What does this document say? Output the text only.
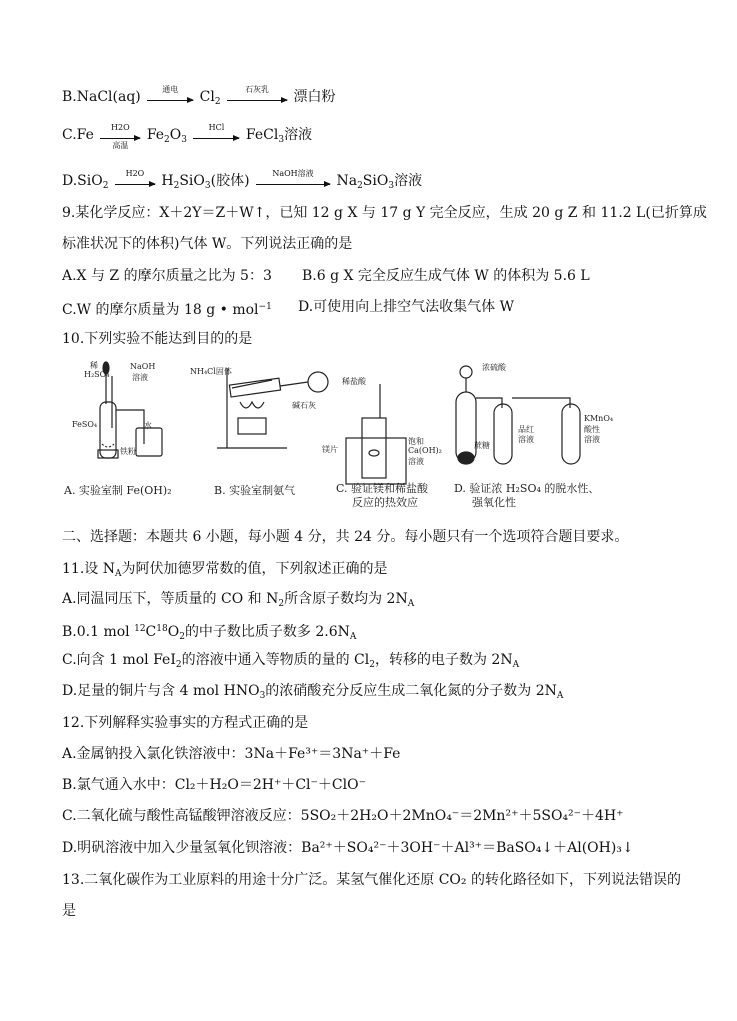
B.NaCl(aq)	通电	$Cl_2$
石灰乳	漂白粉
C.Fe	H2O
高温
$Fe_2O_3$
HCl	FeCl$_3$溶液
D.SiO$_2$
H2O	$H_2SiO_3$(胶体)	NaOH溶液	$Na_2SiO_3$溶液
9.某化学反应：X＋2Y＝Z＋W↑，已知 12 g X 与 17 g Y 完全反应，生成 20 g Z 和 11.2 L(已折算成
标准状况下的体积)气体 W。下列说法正确的是
A.X 与 Z 的摩尔质量之比为 5：3 B.6 g X 完全反应生成气体 W 的体积为 5.6 L
C.W 的摩尔质量为 18 g • mol$^{-1}$ D.可使用向上排空气法收集气体 W
10.下列实验不能达到目的的是
稀
H₂SO₄
NaOH
溶液
FeSO₄	水
铁粉
A. 实验室制 Fe(OH)₂
NH₄Cl固体
碱石灰
B. 实验室制氨气
稀盐酸
镁片
饱和
Ca(OH)₂
溶液
C. 验证镁和稀盐酸
反应的热效应
浓硫酸
蔗糖
品红
溶液
KMnO₄
酸性
溶液
D. 验证浓 H₂SO₄ 的脱水性、
强氧化性
二、选择题：本题共 6 小题，每小题 4 分，共 24 分。每小题只有一个选项符合题目要求。
11.设 $N_A$为阿伏加德罗常数的值，下列叙述正确的是
A.同温同压下，等质量的 CO 和 $N_2$所含原子数均为 $2N_A$
B.0.1 mol $^{12}C^{18}O_2$的中子数比质子数多 $2.6N_A$
C.向含 1 mol FeI$_2$的溶液中通入等物质的量的 $Cl_2$，转移的电子数为 $2N_A$
D.足量的铜片与含 4 mol $HNO_3$的浓硝酸充分反应生成二氧化氮的分子数为 $2N_A$
12.下列解释实验事实的方程式正确的是
A.金属钠投入氯化铁溶液中：3Na＋Fe³⁺＝3Na⁺＋Fe
B.氯气通入水中：Cl₂＋H₂O＝2H⁺＋Cl⁻＋ClO⁻
C.二氧化硫与酸性高锰酸钾溶液反应：5SO₂＋2H₂O＋2MnO₄⁻＝2Mn²⁺＋5SO₄²⁻＋4H⁺
D.明矾溶液中加入少量氢氧化钡溶液：Ba²⁺＋SO₄²⁻＋3OH⁻＋Al³⁺＝BaSO₄↓＋Al(OH)₃↓
13.二氧化碳作为工业原料的用途十分广泛。某氢气催化还原 CO₂ 的转化路径如下，下列说法错误的
是
